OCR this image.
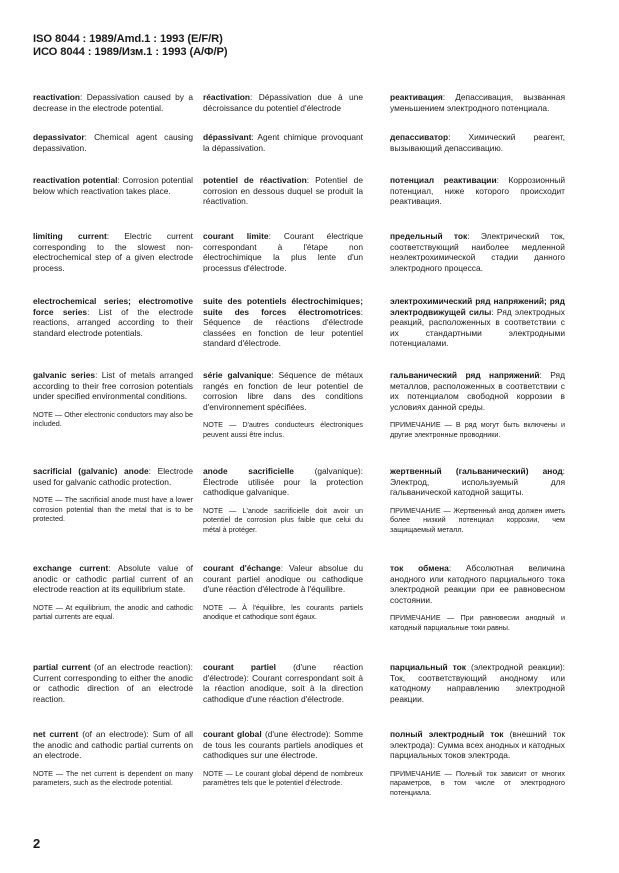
ISO 8044 : 1989/Amd.1 : 1993 (E/F/R)
ИСО 8044 : 1989/Изм.1 : 1993 (А/Ф/Р)
reactivation: Depassivation caused by a decrease in the electrode potential.
réactivation: Dépassivation due à une décroissance du potentiel d'électrode
реактивация: Депассивация, вызванная уменьшением электродного потенциала.
depassivator: Chemical agent causing depassivation.
dépassivant: Agent chimique provoquant la dépassivation.
депассиватор: Химический реагент, вызывающий депассивацию.
reactivation potential: Corrosion potential below which reactivation takes place.
potentiel de réactivation: Potentiel de corrosion en dessous duquel se produit la réactivation.
потенциал реактивации: Коррозионный потенциал, ниже которого происходит реактивация.
limiting current: Electric current corresponding to the slowest non-electrochemical step of a given electrode process.
courant limite: Courant électrique correspondant à l'étape non électrochimique la plus lente d'un processus d'électrode.
предельный ток: Электрический ток, соответствующий наиболее медленной неэлектрохимической стадии данного электродного процесса.
electrochemical series; electromotive force series: List of the electrode reactions, arranged according to their standard electrode potentials.
suite des potentiels électrochimiques; suite des forces électromotrices: Séquence de réactions d'électrode classées en fonction de leur potentiel standard d'électrode.
электрохимический ряд напряжений; ряд электродвижущей силы: Ряд электродных реакций, расположенных в соответствии с их стандартными электродными потенциалами.
galvanic series: List of metals arranged according to their free corrosion potentials under specified environmental conditions.
NOTE — Other electronic conductors may also be included.
série galvanique: Séquence de métaux rangés en fonction de leur potentiel de corrosion libre dans des conditions d'environnement spécifiées.
NOTE — D'autres conducteurs électroniques peuvent aussi être inclus.
гальванический ряд напряжений: Ряд металлов, расположенных в соответствии с их потенциалом свободной коррозии в условиях данной среды.
ПРИМЕЧАНИЕ — В ряд могут быть включены и другие электронные проводники.
sacrificial (galvanic) anode: Electrode used for galvanic cathodic protection.
NOTE — The sacrificial anode must have a lower corrosion potential than the metal that is to be protected.
anode sacrificielle (galvanique): Électrode utilisée pour la protection cathodique galvanique.
NOTE — L'anode sacrificielle doit avoir un potentiel de corrosion plus faible que celui du métal à protéger.
жертвенный (гальванический) анод: Электрод, используемый для гальванической катодной защиты.
ПРИМЕЧАНИЕ — Жертвенный анод должен иметь более низкий потенциал коррозии, чем защищаемый металл.
exchange current: Absolute value of anodic or cathodic partial current of an electrode reaction at its equilibrium state.
NOTE — At equilibrium, the anodic and cathodic partial currents are equal.
courant d'échange: Valeur absolue du courant partiel anodique ou cathodique d'une réaction d'électrode à l'équilibre.
NOTE — À l'équilibre, les courants partiels anodique et cathodique sont égaux.
ток обмена: Абсолютная величина анодного или катодного парциального тока электродной реакции при ее равновесном состоянии.
ПРИМЕЧАНИЕ — При равновесии анодный и катодный парциальные токи равны.
partial current (of an electrode reaction): Current corresponding to either the anodic or cathodic direction of an electrode reaction.
courant partiel (d'une réaction d'électrode): Courant correspondant soit à la réaction anodique, soit à la direction cathodique d'une réaction d'électrode.
парциальный ток (электродной реакции): Ток, соответствующий анодному или катодному направлению электродной реакции.
net current (of an electrode): Sum of all the anodic and cathodic partial currents on an electrode.
NOTE — The net current is dependent on many parameters, such as the electrode potential.
courant global (d'une électrode): Somme de tous les courants partiels anodiques et cathodiques sur une électrode.
NOTE — Le courant global dépend de nombreux paramètres tels que le potentiel d'électrode.
полный электродный ток (внешний ток электрода): Сумма всех анодных и катодных парциальных токов электрода.
ПРИМЕЧАНИЕ — Полный ток зависит от многих параметров, в том числе от электродного потенциала.
2
